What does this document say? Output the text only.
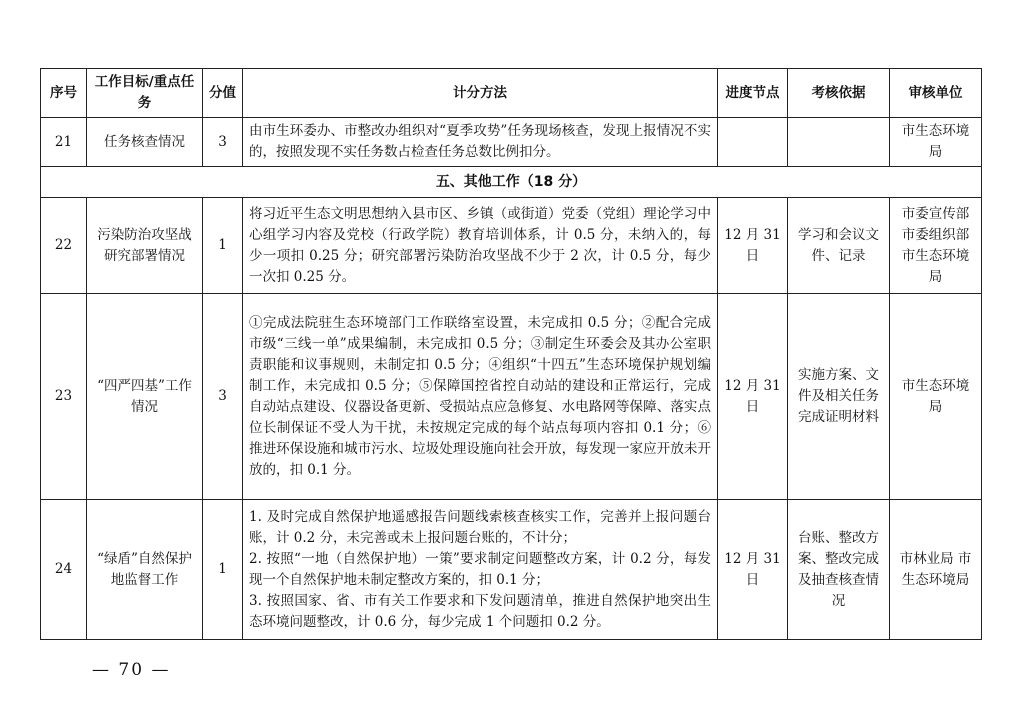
序号	工作目标/重点任务	分值	计分方法	进度节点	考核依据	审核单位
21	任务核查情况	3	由市生环委办、市整改办组织对“夏季攻势”任务现场核查，发现上报情况不实的，按照发现不实任务数占检查任务总数比例扣分。			市生态环境局
五、其他工作（18 分）						
22	污染防治攻坚战研究部署情况	1	将习近平生态文明思想纳入县市区、乡镇（或街道）党委（党组）理论学习中心组学习内容及党校（行政学院）教育培训体系，计 0.5 分，未纳入的，每少一项扣 0.25 分；研究部署污染防治攻坚战不少于 2 次，计 0.5 分，每少一次扣 0.25 分。	12 月 31 日	学习和会议文件、记录	市委宣传部 市委组织部 市生态环境局
23	“四严四基”工作情况	3	①完成法院驻生态环境部门工作联络室设置，未完成扣 0.5 分；②配合完成市级“三线一单”成果编制，未完成扣 0.5 分；③制定生环委会及其办公室职责职能和议事规则，未制定扣 0.5 分；④组织“十四五”生态环境保护规划编制工作，未完成扣 0.5 分；⑤保障国控省控自动站的建设和正常运行，完成自动站点建设、仪器设备更新、受损站点应急修复、水电路网等保障、落实点位长制保证不受人为干扰，未按规定完成的每个站点每项内容扣 0.1 分；⑥推进环保设施和城市污水、垃圾处理设施向社会开放，每发现一家应开放未开放的，扣 0.1 分。	12 月 31 日	实施方案、文件及相关任务完成证明材料	市生态环境局
24	“绿盾”自然保护地监督工作	1	1. 及时完成自然保护地遥感报告问题线索核查核实工作，完善并上报问题台账，计 0.2 分，未完善或未上报问题台账的，不计分；
2. 按照“一地（自然保护地）一策”要求制定问题整改方案，计 0.2 分，每发现一个自然保护地未制定整改方案的，扣 0.1 分；
3. 按照国家、省、市有关工作要求和下发问题清单，推进自然保护地突出生态环境问题整改，计 0.6 分，每少完成 1 个问题扣 0.2 分。	12 月 31 日	台账、整改方案、整改完成及抽查核查情况	市林业局 市生态环境局
— 70 —
